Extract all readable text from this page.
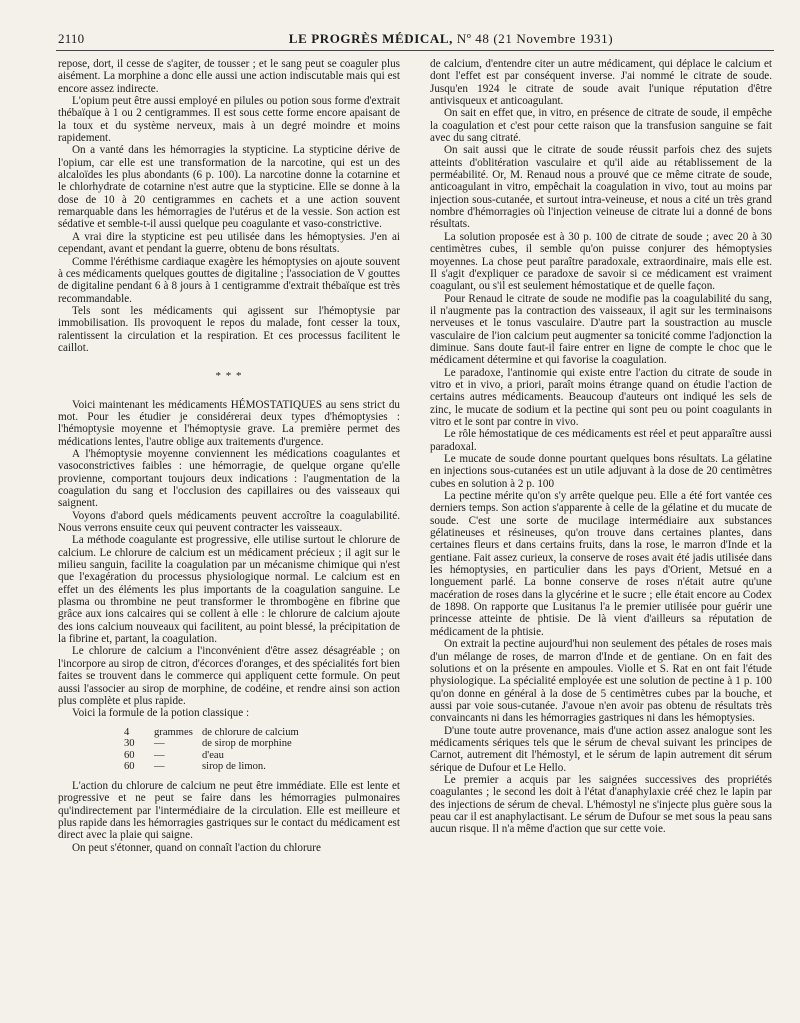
2110	LE PROGRÈS MÉDICAL, Nº 48 (21 Novembre 1931)

repose, dort, il cesse de s'agiter, de tousser ; et le sang peut se coaguler plus aisément. La morphine a donc elle aussi une action indiscutable mais qui est encore assez indirecte.

L'opium peut être aussi employé en pilules ou potion sous forme d'extrait thébaïque à 1 ou 2 centigrammes. Il est sous cette forme encore apaisant de la toux et du système nerveux, mais à un degré moindre et moins rapidement.

On a vanté dans les hémorragies la stypticine. La stypticine dérive de l'opium, car elle est une transformation de la narcotine, qui est un des alcaloïdes les plus abondants (6 p. 100). La narcotine donne la cotarnine et le chlorhydrate de cotarnine n'est autre que la stypticine. Elle se donne à la dose de 10 à 20 centigrammes en cachets et a une action souvent remarquable dans les hémorragies de l'utérus et de la vessie. Son action est sédative et semble-t-il aussi quelque peu coagulante et vaso-constrictive.

A vrai dire la stypticine est peu utilisée dans les hémoptysies. J'en ai cependant, avant et pendant la guerre, obtenu de bons résultats.

Comme l'éréthisme cardiaque exagère les hémoptysies on ajoute souvent à ces médicaments quelques gouttes de digitaline ; l'association de V gouttes de digitaline pendant 6 à 8 jours à 1 centigramme d'extrait thébaïque est très recommandable.

Tels sont les médicaments qui agissent sur l'hémoptysie par immobilisation. Ils provoquent le repos du malade, font cesser la toux, ralentissent la circulation et la respiration. Et ces processus facilitent le caillot.

* * *

Voici maintenant les médicaments HÉMOSTATIQUES au sens strict du mot. Pour les étudier je considérerai deux types d'hémoptysies : l'hémoptysie moyenne et l'hémoptysie grave. La première permet des médications lentes, l'autre oblige aux traitements d'urgence.

A l'hémoptysie moyenne conviennent les médications coagulantes et vasoconstrictives faibles : une hémorragie, de quelque organe qu'elle provienne, comportant toujours deux indications : l'augmentation de la coagulation du sang et l'occlusion des capillaires ou des vaisseaux qui saignent.

Voyons d'abord quels médicaments peuvent accroître la coagulabilité. Nous verrons ensuite ceux qui peuvent contracter les vaisseaux.

La méthode coagulante est progressive, elle utilise surtout le chlorure de calcium. Le chlorure de calcium est un médicament précieux ; il agit sur le milieu sanguin, facilite la coagulation par un mécanisme chimique qui n'est que l'exagération du processus physiologique normal. Le calcium est en effet un des éléments les plus importants de la coagulation sanguine. Le plasma ou thrombine ne peut transformer le thrombogène en fibrine que grâce aux ions calcaires qui se collent à elle : le chlorure de calcium ajoute des ions calcium nouveaux qui facilitent, au point blessé, la précipitation de la fibrine et, partant, la coagulation.

Le chlorure de calcium a l'inconvénient d'être assez désagréable ; on l'incorpore au sirop de citron, d'écorces d'oranges, et des spécialités fort bien faites se trouvent dans le commerce qui appliquent cette formule. On peut aussi l'associer au sirop de morphine, de codéine, et rendre ainsi son action plus complète et plus rapide.

Voici la formule de la potion classique :

4	grammes de chlorure de calcium
30	—	de sirop de morphine
60	—	d'eau
60	—	sirop de limon.

L'action du chlorure de calcium ne peut être immédiate. Elle est lente et progressive et ne peut se faire dans les hémorragies pulmonaires qu'indirectement par l'intermédiaire de la circulation. Elle est meilleure et plus rapide dans les hémorragies gastriques sur le contact du médicament est direct avec la plaie qui saigne.

On peut s'étonner, quand on connaît l'action du chlorure

de calcium, d'entendre citer un autre médicament, qui déplace le calcium et dont l'effet est par conséquent inverse. J'ai nommé le citrate de soude. Jusqu'en 1924 le citrate de soude avait l'unique réputation d'être antivisqueux et anticoagulant.

On sait en effet que, in vitro, en présence de citrate de soude, il empêche la coagulation et c'est pour cette raison que la transfusion sanguine se fait avec du sang citraté.

On sait aussi que le citrate de soude réussit parfois chez des sujets atteints d'oblitération vasculaire et qu'il aide au rétablissement de la perméabilité. Or, M. Renaud nous a prouvé que ce même citrate de soude, anticoagulant in vitro, empêchait la coagulation in vivo, tout au moins par injection sous-cutanée, et surtout intra-veineuse, et nous a cité un très grand nombre d'hémorragies où l'injection veineuse de citrate lui a donné de bons résultats.

La solution proposée est à 30 p. 100 de citrate de soude ; avec 20 à 30 centimètres cubes, il semble qu'on puisse conjurer des hémoptysies moyennes. La chose peut paraître paradoxale, extraordinaire, mais elle est. Il s'agit d'expliquer ce paradoxe de savoir si ce médicament est vraiment coagulant, ou s'il est seulement hémostatique et de quelle façon.

Pour Renaud le citrate de soude ne modifie pas la coagulabilité du sang, il n'augmente pas la contraction des vaisseaux, il agit sur les terminaisons nerveuses et le tonus vasculaire. D'autre part la soustraction au muscle vasculaire de l'ion calcium peut augmenter sa tonicité comme l'adjonction la diminue. Sans doute faut-il faire entrer en ligne de compte le choc que le médicament détermine et qui favorise la coagulation.

Le paradoxe, l'antinomie qui existe entre l'action du citrate de soude in vitro et in vivo, a priori, paraît moins étrange quand on étudie l'action de certains autres médicaments. Beaucoup d'auteurs ont indiqué les sels de zinc, le mucate de sodium et la pectine qui sont peu ou point coagulants in vitro et le sont par contre in vivo.

Le rôle hémostatique de ces médicaments est réel et peut apparaître aussi paradoxal.

Le mucate de soude donne pourtant quelques bons résultats. La gélatine en injections sous-cutanées est un utile adjuvant à la dose de 20 centimètres cubes en solution à 2 p. 100

La pectine mérite qu'on s'y arrête quelque peu. Elle a été fort vantée ces derniers temps. Son action s'apparente à celle de la gélatine et du mucate de soude. C'est une sorte de mucilage intermédiaire aux substances gélatineuses et résineuses, qu'on trouve dans certaines plantes, dans certaines fleurs et dans certains fruits, dans la rose, le marron d'Inde et la gentiane. Fait assez curieux, la conserve de roses avait été jadis utilisée dans les hémoptysies, en particulier dans les pays d'Orient, Metsué en a longuement parlé. La bonne conserve de roses n'était autre qu'une macération de roses dans la glycérine et le sucre ; elle était encore au Codex de 1898. On rapporte que Lusitanus l'a le premier utilisée pour guérir une princesse atteinte de phtisie. De là vient d'ailleurs sa réputation de médicament de la phtisie.

On extrait la pectine aujourd'hui non seulement des pétales de roses mais d'un mélange de roses, de marron d'Inde et de gentiane. On en fait des solutions et on la présente en ampoules. Violle et S. Rat en ont fait l'étude physiologique. La spécialité employée est une solution de pectine à 1 p. 100 qu'on donne en général à la dose de 5 centimètres cubes par la bouche, et aussi par voie sous-cutanée. J'avoue n'en avoir pas obtenu de résultats très convaincants ni dans les hémorragies gastriques ni dans les hémoptysies.

D'une toute autre provenance, mais d'une action assez analogue sont les médicaments sériques tels que le sérum de cheval suivant les principes de Carnot, autrement dit l'hémostyl, et le sérum de lapin autrement dit sérum sérique de Dufour et Le Hello.

Le premier a acquis par les saignées successives des propriétés coagulantes ; le second les doit à l'état d'anaphylaxie créé chez le lapin par des injections de sérum de cheval. L'hémostyl ne s'injecte plus guère sous la peau car il est anaphylactisant. Le sérum de Dufour se met sous la peau sans aucun risque. Il n'a même d'action que sur cette voie.
